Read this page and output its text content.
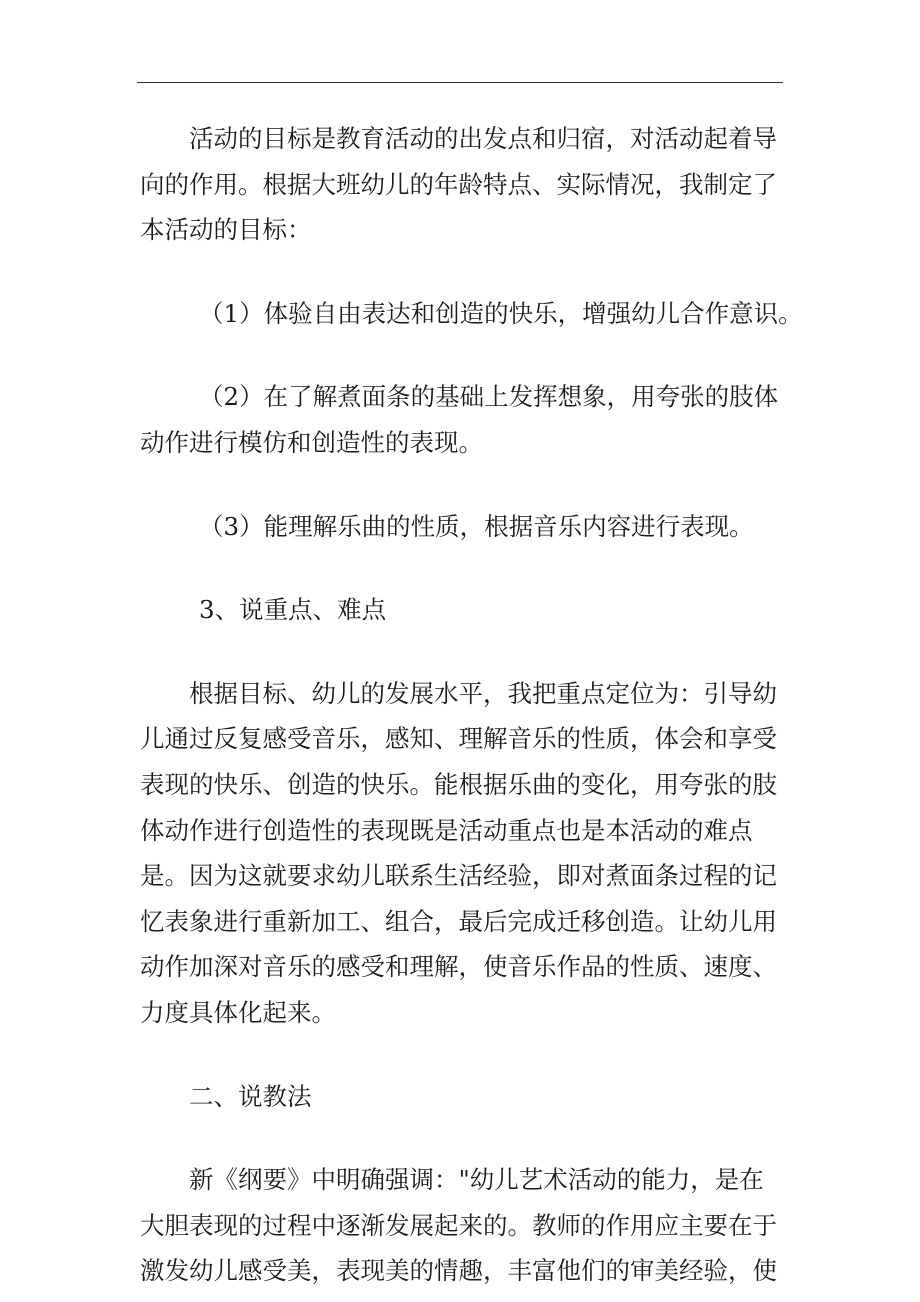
活动的目标是教育活动的出发点和归宿，对活动起着导
向的作用。根据大班幼儿的年龄特点、实际情况，我制定了
本活动的目标：
（1）体验自由表达和创造的快乐，增强幼儿合作意识。
（2）在了解煮面条的基础上发挥想象，用夸张的肢体
动作进行模仿和创造性的表现。
（3）能理解乐曲的性质，根据音乐内容进行表现。
3、说重点、难点
根据目标、幼儿的发展水平，我把重点定位为：引导幼
儿通过反复感受音乐，感知、理解音乐的性质，体会和享受
表现的快乐、创造的快乐。能根据乐曲的变化，用夸张的肢
体动作进行创造性的表现既是活动重点也是本活动的难点
是。因为这就要求幼儿联系生活经验，即对煮面条过程的记
忆表象进行重新加工、组合，最后完成迁移创造。让幼儿用
动作加深对音乐的感受和理解，使音乐作品的性质、速度、
力度具体化起来。
二、说教法
新《纲要》中明确强调："幼儿艺术活动的能力，是在
大胆表现的过程中逐渐发展起来的。教师的作用应主要在于
激发幼儿感受美，表现美的情趣，丰富他们的审美经验，使
